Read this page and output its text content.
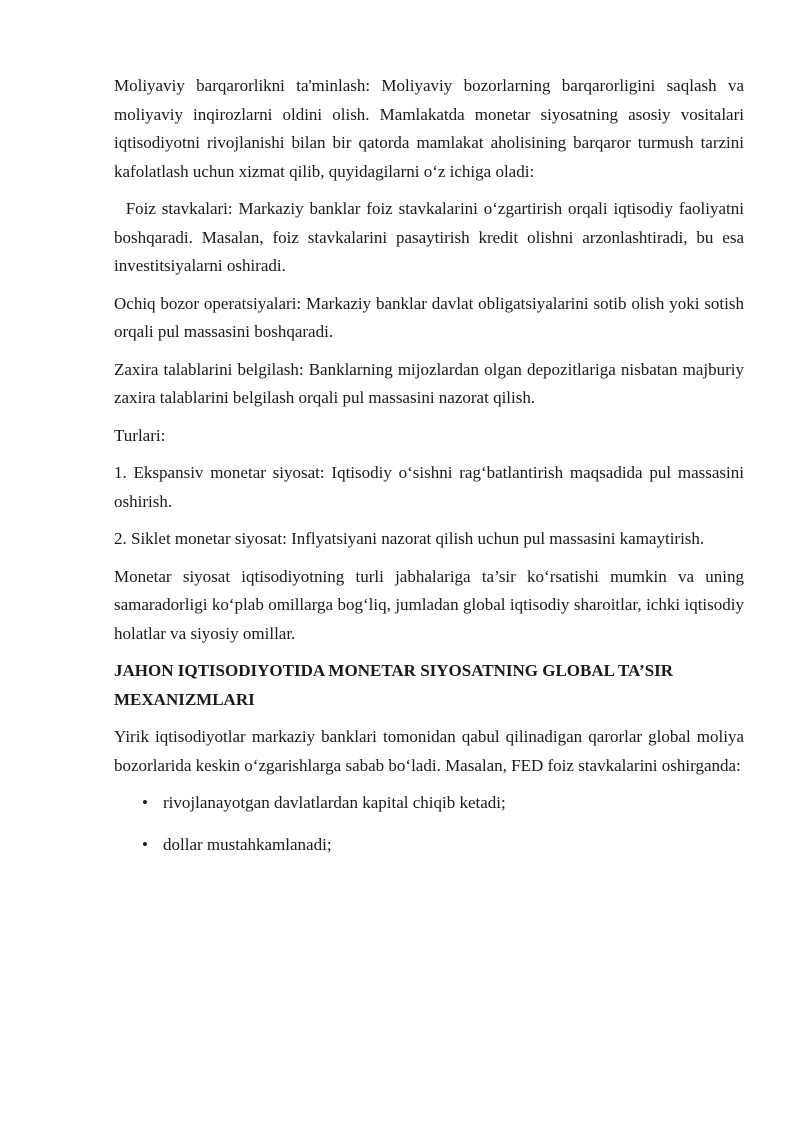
Moliyaviy barqarorlikni ta'minlash: Moliyaviy bozorlarning barqarorligini saqlash va moliyaviy inqirozlarni oldini olish. Mamlakatda monetar siyosatning asosiy vositalari iqtisodiyotni rivojlanishi bilan bir qatorda mamlakat aholisining barqaror turmush tarzini kafolatlash uchun xizmat qilib, quyidagilarni o‘z ichiga oladi:

Foiz stavkalari: Markaziy banklar foiz stavkalarini o‘zgartirish orqali iqtisodiy faoliyatni boshqaradi. Masalan, foiz stavkalarini pasaytirish kredit olishni arzonlashtiradi, bu esa investitsiyalarni oshiradi.

Ochiq bozor operatsiyalari: Markaziy banklar davlat obligatsiyalarini sotib olish yoki sotish orqali pul massasini boshqaradi.

Zaxira talablarini belgilash: Banklarning mijozlardan olgan depozitlariga nisbatan majburiy zaxira talablarini belgilash orqali pul massasini nazorat qilish.

Turlari:

1. Ekspansiv monetar siyosat: Iqtisodiy o‘sishni rag‘batlantirish maqsadida pul massasini oshirish.

2. Siklet monetar siyosat: Inflyatsiyani nazorat qilish uchun pul massasini kamaytirish.

Monetar siyosat iqtisodiyotning turli jabhalariga ta’sir ko‘rsatishi mumkin va uning samaradorligi ko‘plab omillarga bog‘liq, jumladan global iqtisodiy sharoitlar, ichki iqtisodiy holatlar va siyosiy omillar.

JAHON IQTISODIYOTIDA MONETAR SIYOSATNING GLOBAL TA’SIR MEXANIZMLARI

Yirik iqtisodiyotlar markaziy banklari tomonidan qabul qilinadigan qarorlar global moliya bozorlarida keskin o‘zgarishlarga sabab bo‘ladi. Masalan, FED foiz stavkalarini oshirganda:

• rivojlanayotgan davlatlardan kapital chiqib ketadi;
• dollar mustahkamlanadi;
